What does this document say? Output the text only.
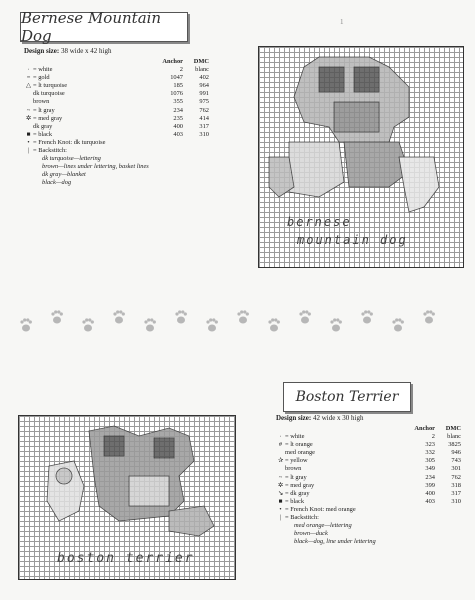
Bernese Mountain Dog
Design size: 38 wide x 42 high
Anchor	DMC
· = white	2	blanc
= = gold	1047	402
△ = lt turquoise	185	964
dk turquoise	1076	991
brown	355	975
~ = lt gray	234	762
✲ = med gray	235	414
dk gray	400	317
■ = black	403	310
• = French Knot: dk turquoise
| = Backstitch:
dk turquoise—lettering
brown—lines under lettering, basket lines
dk gray—blanket
black—dog
bernese
mountain dog
1
Boston Terrier
Design size: 42 wide x 30 high
Anchor	DMC
· = white	2	blanc
# = lt orange	323	3825
med orange	332	946
✰ = yellow	305	743
brown	349	301
~ = lt gray	234	762
✲ = med gray	399	318
↘ = dk gray	400	317
■ = black	403	310
• = French Knot: med orange
| = Backstitch:
med orange—lettering
brown—duck
black—dog, line under lettering
boston terrier
